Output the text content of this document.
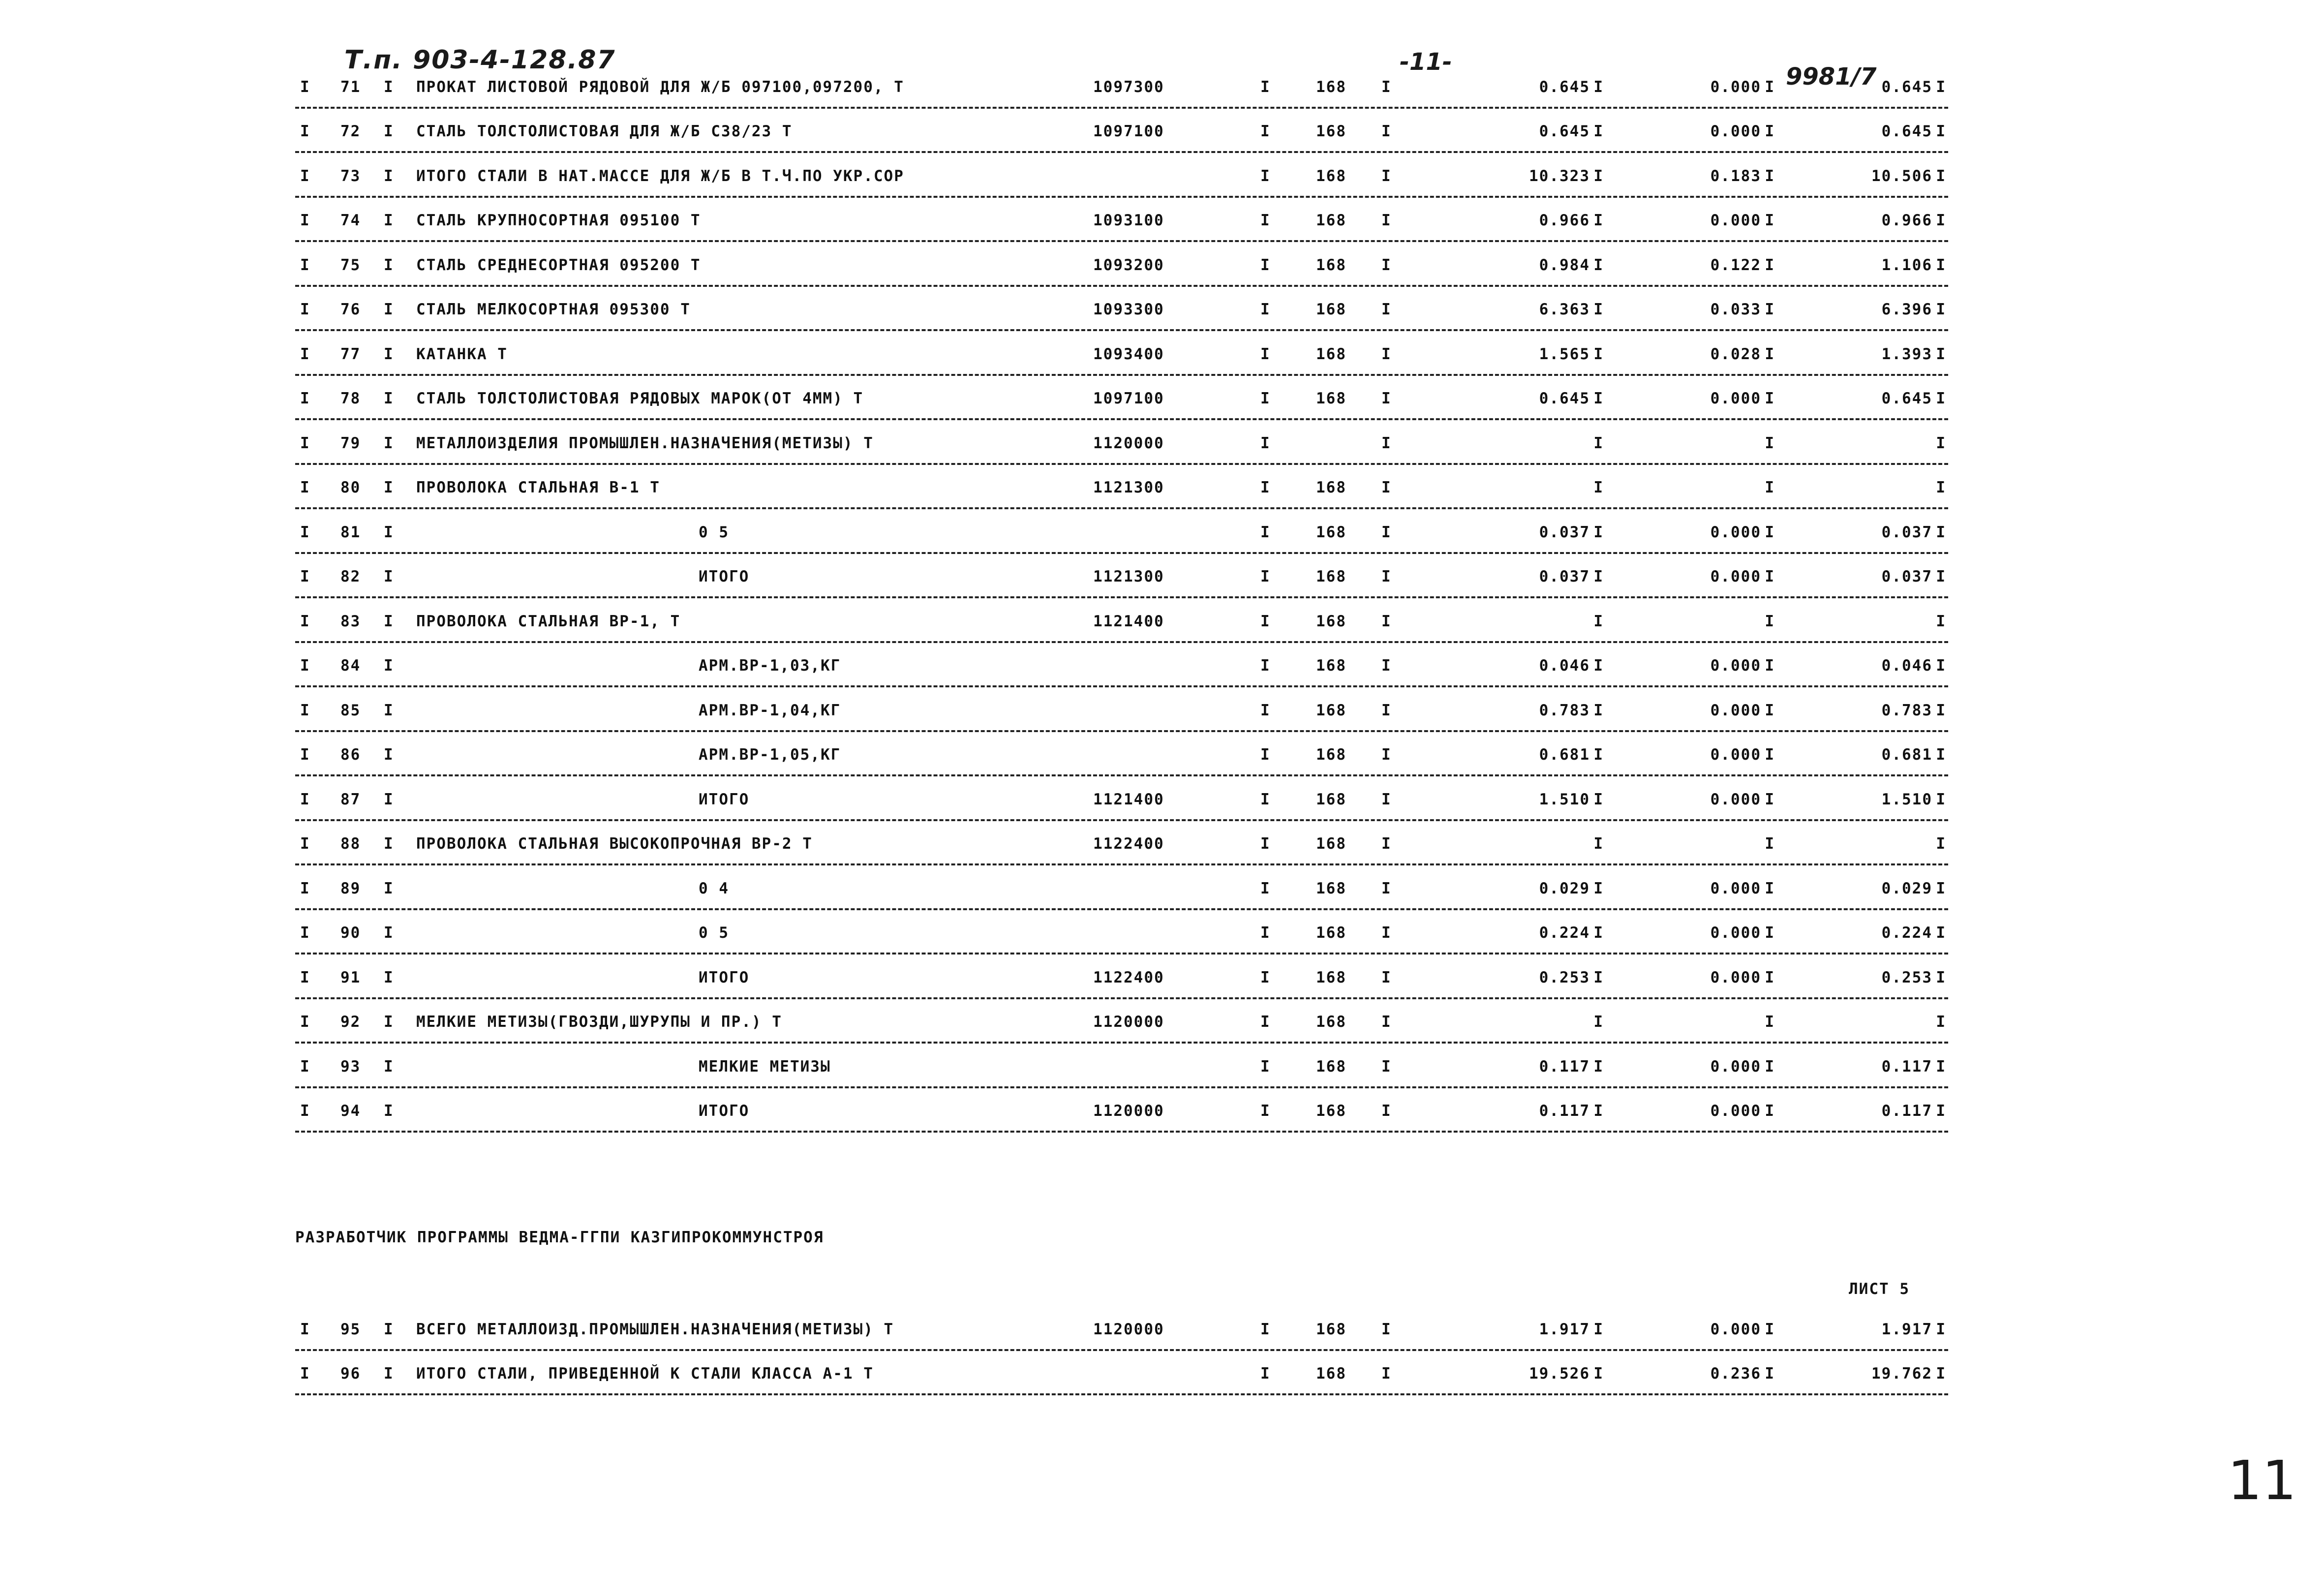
Т.п. 903-4-128.87	-11-
9981/7
I 71 I ПРОКАТ ЛИСТОВОЙ РЯДОВОЙ ДЛЯ Ж/Б 097100,097200, Т	1097300	I	168 I	0.645	0.000	0.645
I	I	I
I 72 I СТАЛЬ ТОЛСТОЛИСТОВАЯ ДЛЯ Ж/Б С38/23 Т	1097100	I	168 I	0.645	0.000	0.645
I	I	I
I 73 I ИТОГО СТАЛИ В НАТ.МАССЕ ДЛЯ Ж/Б В Т.Ч.ПО УКР.СОР	I	168 I	10.323	0.183	10.506
I	I	I
I 74 I СТАЛЬ КРУПНОСОРТНАЯ 095100 Т	1093100	I	168 I	0.966	0.000	0.966
I	I	I
I 75 I СТАЛЬ СРЕДНЕСОРТНАЯ 095200 Т	1093200	I	168 I	0.984	0.122	1.106
I	I	I
I 76 I СТАЛЬ МЕЛКОСОРТНАЯ 095300 Т	1093300	I	168 I	6.363	0.033	6.396
I	I	I
I 77 I КАТАНКА Т	1093400	I	168 I	1.565	0.028	1.393
I	I	I
I 78 I СТАЛЬ ТОЛСТОЛИСТОВАЯ РЯДОВЫХ МАРОК(ОТ 4ММ) Т	1097100	I	168 I	0.645	0.000	0.645
I	I	I
I 79 I МЕТАЛЛОИЗДЕЛИЯ ПРОМЫШЛЕН.НАЗНАЧЕНИЯ(МЕТИЗЫ) Т	1120000	I	I	I	I	I
I 80 I ПРОВОЛОКА СТАЛЬНАЯ В-1 Т	1121300	I	168 I	I	I	I
I 81 I	0 5	I	168 I	0.037	0.000	0.037
I	I	I
I 82 I	ИТОГО	1121300	I	168 I	0.037	0.000	0.037
I	I	I
I 83 I ПРОВОЛОКА СТАЛЬНАЯ ВР-1, Т	1121400	I	168 I	I	I	I
I 84 I	АРМ.ВР-1,03,КГ	I	168 I	0.046	0.000	0.046
I	I	I
I 85 I	АРМ.ВР-1,04,КГ	I	168 I	0.783	0.000	0.783
I	I	I
I 86 I	АРМ.ВР-1,05,КГ	I	168 I	0.681	0.000	0.681
I	I	I
I 87 I	ИТОГО	1121400	I	168 I	1.510	0.000	1.510
I	I	I
I 88 I ПРОВОЛОКА СТАЛЬНАЯ ВЫСОКОПРОЧНАЯ ВР-2 Т	1122400	I	168 I	I	I	I
I 89 I	0 4	I	168 I	0.029	0.000	0.029
I	I	I
I 90 I	0 5	I	168 I	0.224	0.000	0.224
I	I	I
I 91 I	ИТОГО	1122400	I	168 I	0.253	0.000	0.253
I	I	I
I 92 I МЕЛКИЕ МЕТИЗЫ(ГВОЗДИ,ШУРУПЫ И ПР.) Т	1120000	I	168 I	I	I	I
I 93 I	МЕЛКИЕ МЕТИЗЫ	I	168 I	0.117	0.000	0.117
I	I	I
I 94 I	ИТОГО	1120000	I	168 I	0.117	0.000	0.117
I	I	I
РАЗРАБОТЧИК ПРОГРАММЫ ВЕДМА-ГГПИ КАЗГИПРОКОММУНСТРОЯ
ЛИСТ 5
I 95 I ВСЕГО МЕТАЛЛОИЗД.ПРОМЫШЛЕН.НАЗНАЧЕНИЯ(МЕТИЗЫ) Т	1120000	I	168 I	1.917	0.000	1.917
I	I	I
I 96 I ИТОГО СТАЛИ, ПРИВЕДЕННОЙ К СТАЛИ КЛАССА А-1 Т	I	168 I	19.526	0.236	19.762
I	I	I
11
